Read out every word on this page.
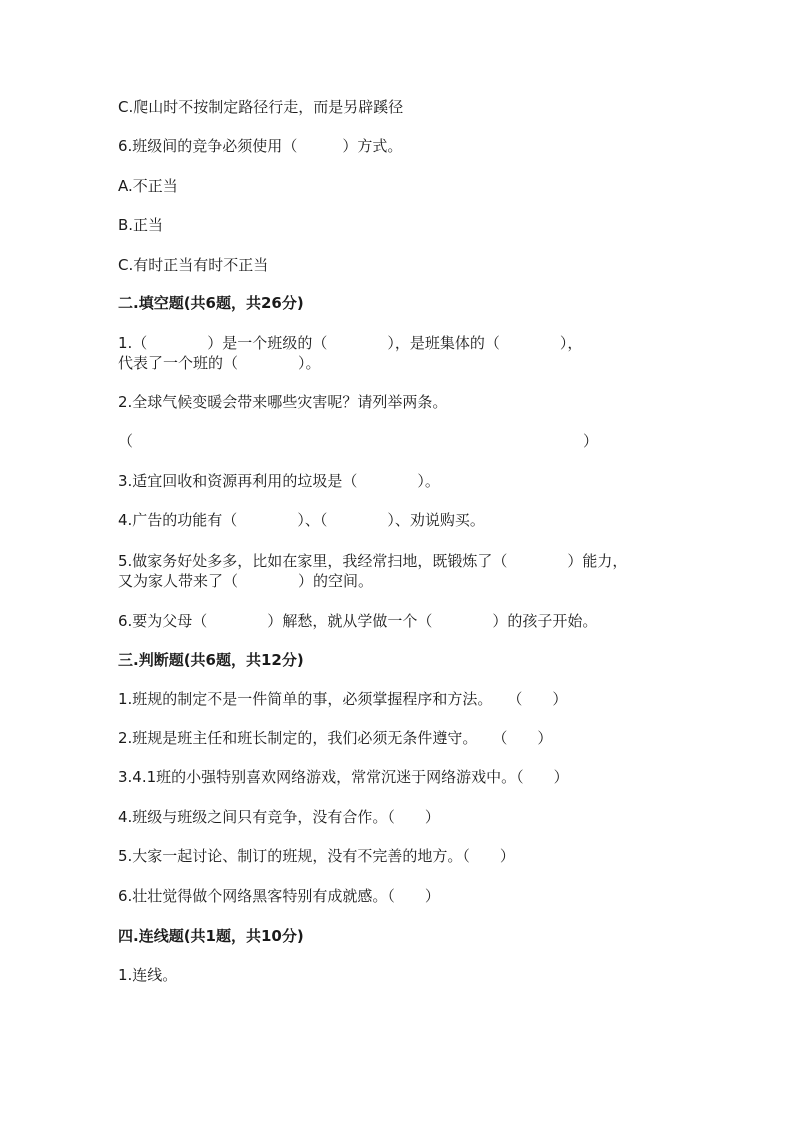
C.爬山时不按制定路径行走，而是另辟蹊径
6.班级间的竞争必须使用（　　　）方式。
A.不正当
B.正当
C.有时正当有时不正当
二.填空题(共6题，共26分)
1.（　　　　）是一个班级的（　　　　），是班集体的（　　　　），
代表了一个班的（　　　　）。
2.全球气候变暖会带来哪些灾害呢？请列举两条。
（　　　　　　　　　　　　　　　　　　　　　　　　　　　　　　）
3.适宜回收和资源再利用的垃圾是（　　　　）。
4.广告的功能有（　　　　）、（　　　　）、劝说购买。
5.做家务好处多多，比如在家里，我经常扫地，既锻炼了（　　　　）能力，
又为家人带来了（　　　　）的空间。
6.要为父母（　　　　）解愁，就从学做一个（　　　　）的孩子开始。
三.判断题(共6题，共12分)
1.班规的制定不是一件简单的事，必须掌握程序和方法。　　（　　）
2.班规是班主任和班长制定的，我们必须无条件遵守。　　（　　）
3.4.1班的小强特别喜欢网络游戏，常常沉迷于网络游戏中。（　　）
4.班级与班级之间只有竞争，没有合作。（　　）
5.大家一起讨论、制订的班规，没有不完善的地方。（　　）
6.壮壮觉得做个网络黑客特别有成就感。（　　）
四.连线题(共1题，共10分)
1.连线。
